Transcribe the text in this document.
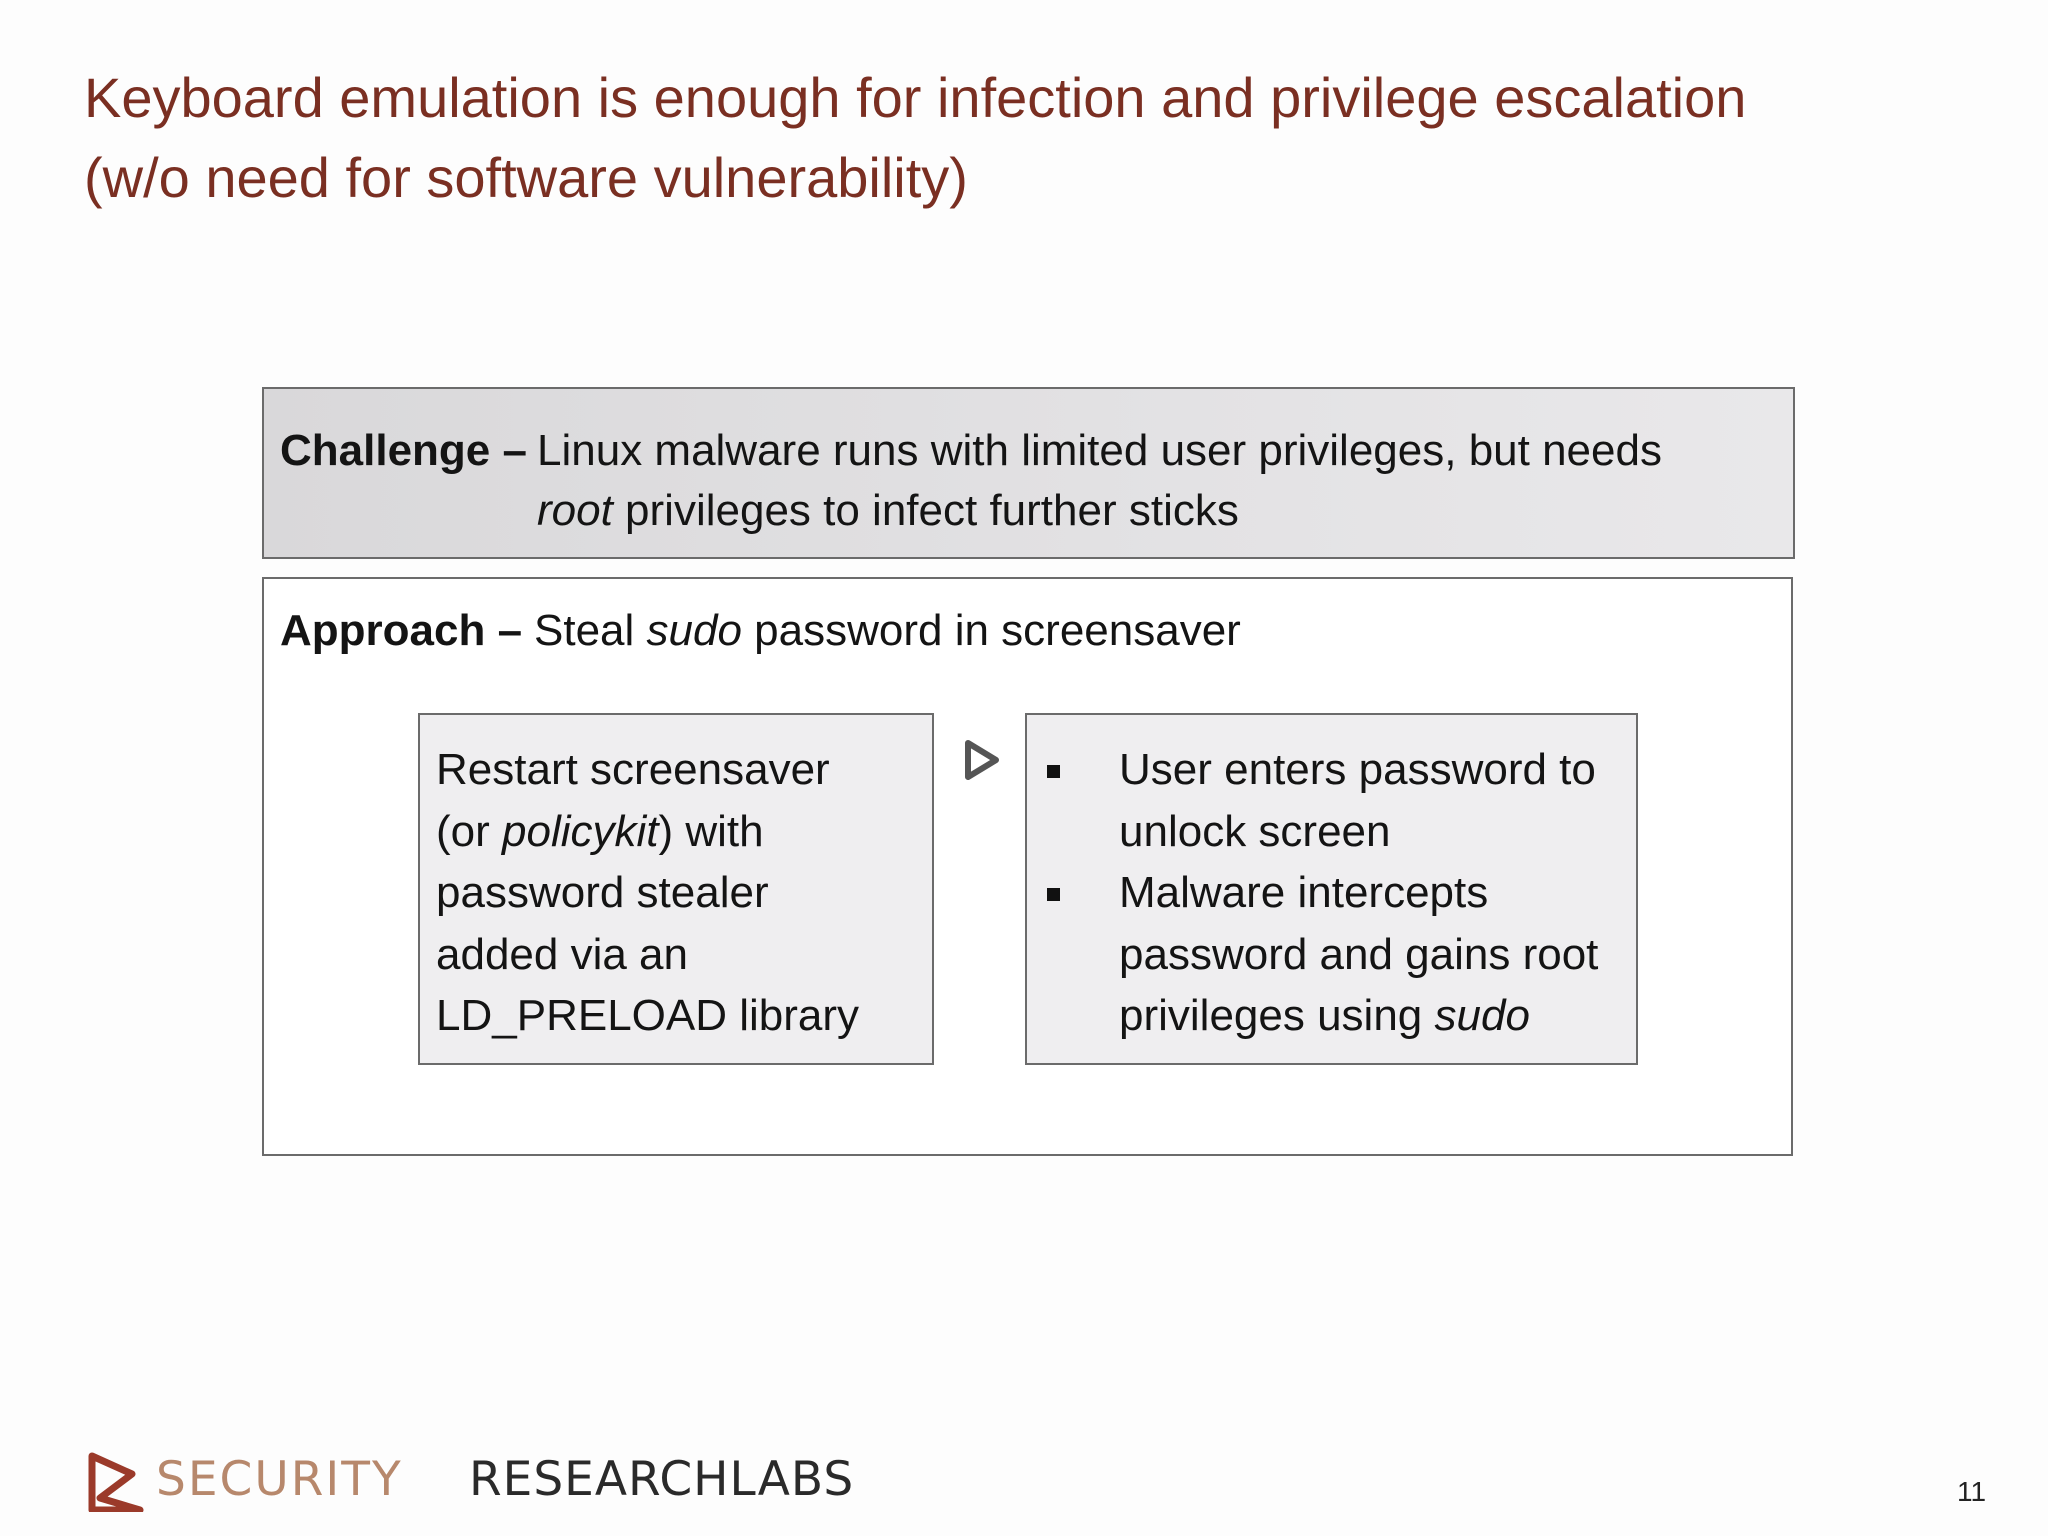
Keyboard emulation is enough for infection and privilege escalation
(w/o need for software vulnerability)
Challenge – Linux malware runs with limited user privileges, but needs
root privileges to infect further sticks
Approach – Steal sudo password in screensaver

Restart screensaver
(or policykit) with
password stealer
added via an
LD_PRELOAD library

User enters password to unlock screen
Malware intercepts password and gains root privileges using sudo
SECURITY RESEARCHLABS	11
